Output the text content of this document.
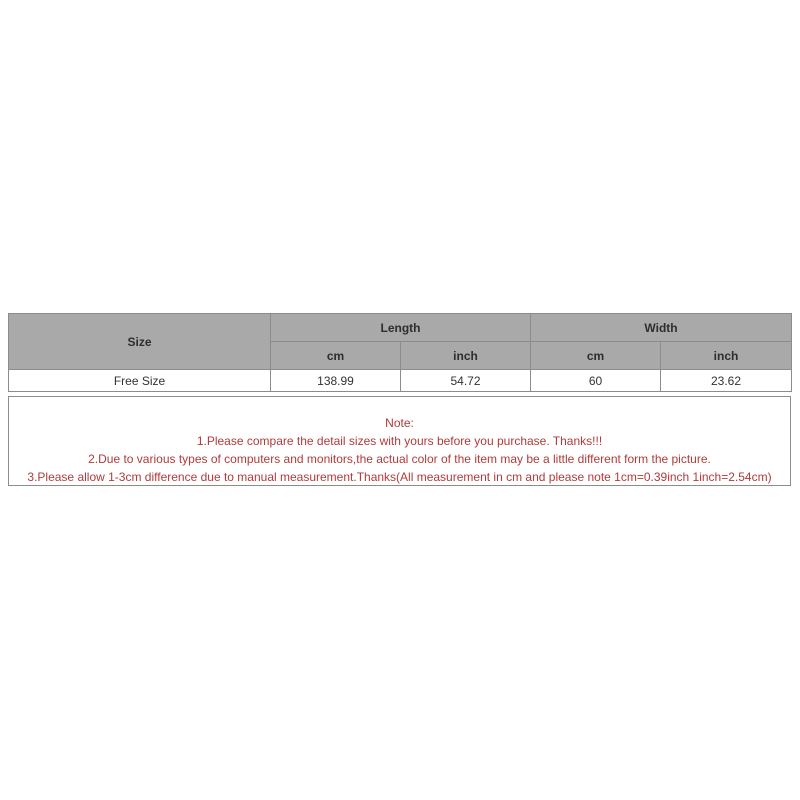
Size	Length		Width	
	cm	inch	cm	inch
Free Size	138.99	54.72	60	23.62
Note:
1.Please compare the detail sizes with yours before you purchase. Thanks!!!
2.Due to various types of computers and monitors,the actual color of the item may be a little different form the picture.
3.Please allow 1-3cm difference due to manual measurement.Thanks(All measurement in cm and please note 1cm=0.39inch 1inch=2.54cm)
